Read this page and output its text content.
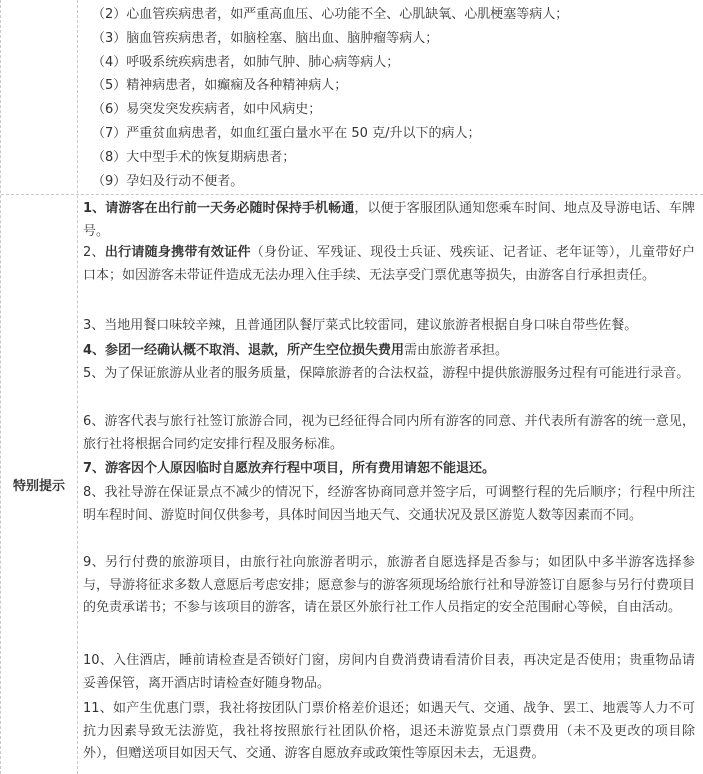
（2）心血管疾病患者，如严重高血压、心功能不全、心肌缺氧、心肌梗塞等病人；
（3）脑血管疾病患者，如脑栓塞、脑出血、脑肿瘤等病人；
（4）呼吸系统疾病患者，如肺气肿、肺心病等病人；
（5）精神病患者，如癫痫及各种精神病人；
（6）易突发突发疾病者，如中风病史；
（7）严重贫血病患者，如血红蛋白量水平在 50 克/升以下的病人；
（8）大中型手术的恢复期病患者；
（9）孕妇及行动不便者。
特别提示
1、请游客在出行前一天务必随时保持手机畅通，以便于客服团队通知您乘车时间、地点及导游电话、车牌号。
2、出行请随身携带有效证件（身份证、军残证、现役士兵证、残疾证、记者证、老年证等），儿童带好户口本；如因游客未带证件造成无法办理入住手续、无法享受门票优惠等损失，由游客自行承担责任。
3、当地用餐口味较辛辣，且普通团队餐厅菜式比较雷同，建议旅游者根据自身口味自带些佐餐。
4、参团一经确认概不取消、退款，所产生空位损失费用需由旅游者承担。
5、为了保证旅游从业者的服务质量，保障旅游者的合法权益，游程中提供旅游服务过程有可能进行录音。
6、游客代表与旅行社签订旅游合同，视为已经征得合同内所有游客的同意、并代表所有游客的统一意见，旅行社将根据合同约定安排行程及服务标准。
7、游客因个人原因临时自愿放弃行程中项目，所有费用请恕不能退还。
8、我社导游在保证景点不减少的情况下，经游客协商同意并签字后，可调整行程的先后顺序；行程中所注明车程时间、游览时间仅供参考，具体时间因当地天气、交通状况及景区游览人数等因素而不同。
9、另行付费的旅游项目，由旅行社向旅游者明示，旅游者自愿选择是否参与；如团队中多半游客选择参与，导游将征求多数人意愿后考虑安排；愿意参与的游客须现场给旅行社和导游签订自愿参与另行付费项目的免责承诺书；不参与该项目的游客，请在景区外旅行社工作人员指定的安全范围耐心等候，自由活动。
10、入住酒店，睡前请检查是否锁好门窗，房间内自费消费请看清价目表，再决定是否使用；贵重物品请妥善保管，离开酒店时请检查好随身物品。
11、如产生优惠门票，我社将按团队门票价格差价退还；如遇天气、交通、战争、罢工、地震等人力不可抗力因素导致无法游览，我社将按照旅行社团队价格，退还未游览景点门票费用（未不及更改的项目除外），但赠送项目如因天气、交通、游客自愿放弃或政策性等原因未去，无退费。
